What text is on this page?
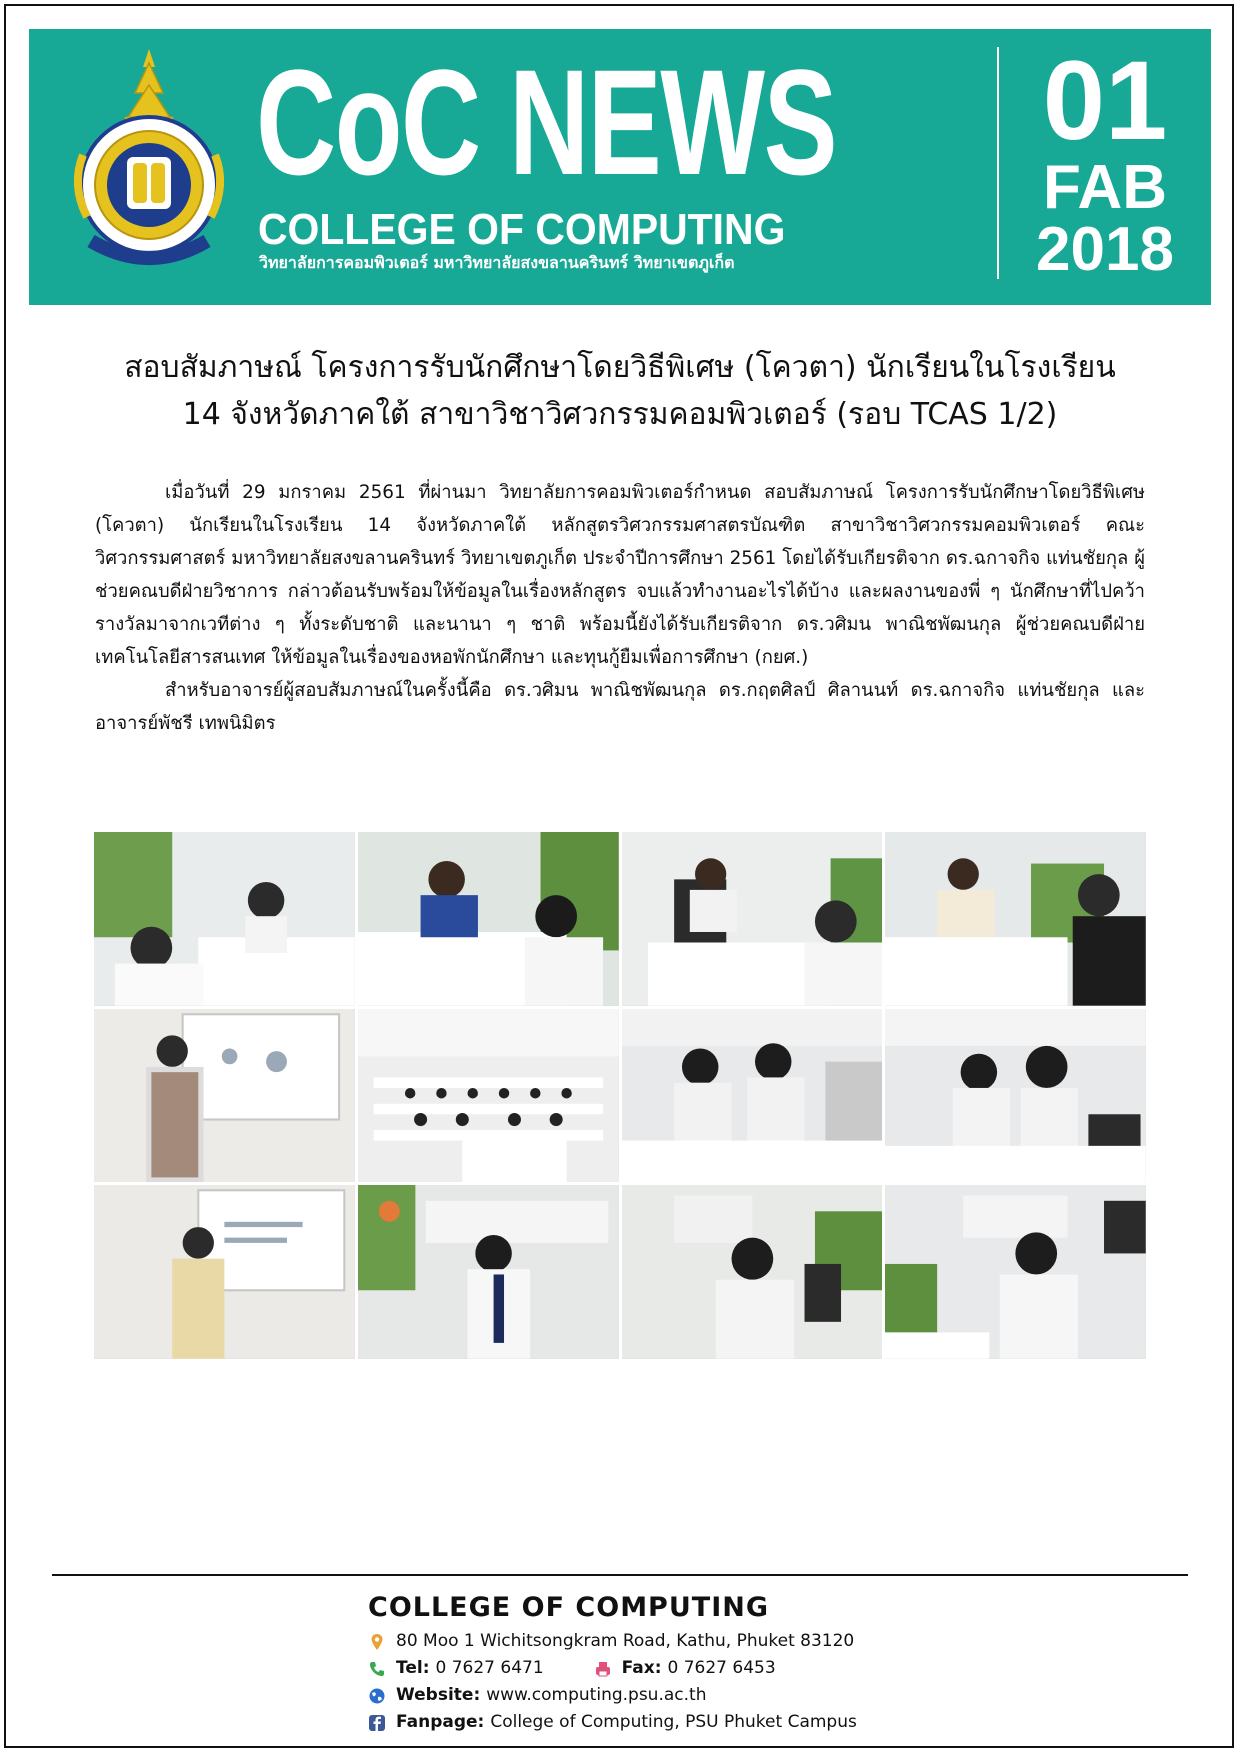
CoC NEWS
COLLEGE OF COMPUTING
วิทยาลัยการคอมพิวเตอร์ มหาวิทยาลัยสงขลานครินทร์ วิทยาเขตภูเก็ต
01
FAB
2018
สอบสัมภาษณ์ โครงการรับนักศึกษาโดยวิธีพิเศษ (โควตา) นักเรียนในโรงเรียน
14 จังหวัดภาคใต้ สาขาวิชาวิศวกรรมคอมพิวเตอร์ (รอบ TCAS 1/2)

เมื่อวันที่ 29 มกราคม 2561 ที่ผ่านมา วิทยาลัยการคอมพิวเตอร์กำหนด สอบสัมภาษณ์ โครงการรับนักศึกษาโดยวิธีพิเศษ (โควตา) นักเรียนในโรงเรียน 14 จังหวัดภาคใต้ หลักสูตรวิศวกรรมศาสตรบัณฑิต สาขาวิชาวิศวกรรมคอมพิวเตอร์ คณะวิศวกรรมศาสตร์ มหาวิทยาลัยสงขลานครินทร์ วิทยาเขตภูเก็ต ประจำปีการศึกษา 2561 โดยได้รับเกียรติจาก ดร.ฉกาจกิจ แท่นชัยกุล ผู้ช่วยคณบดีฝ่ายวิชาการ กล่าวต้อนรับพร้อมให้ข้อมูลในเรื่องหลักสูตร จบแล้วทำงานอะไรได้บ้าง และผลงานของพี่ ๆ นักศึกษาที่ไปคว้ารางวัลมาจากเวทีต่าง ๆ ทั้งระดับชาติ และนานา ๆ ชาติ พร้อมนี้ยังได้รับเกียรติจาก ดร.วศิมน พาณิชพัฒนกุล ผู้ช่วยคณบดีฝ่ายเทคโนโลยีสารสนเทศ ให้ข้อมูลในเรื่องของหอพักนักศึกษา และทุนกู้ยืมเพื่อการศึกษา (กยศ.)

สำหรับอาจารย์ผู้สอบสัมภาษณ์ในครั้งนี้คือ ดร.วศิมน พาณิชพัฒนกุล ดร.กฤตศิลป์ ศิลานนท์ ดร.ฉกาจกิจ แท่นชัยกุล และอาจารย์พัชรี เทพนิมิตร

COLLEGE OF COMPUTING
80 Moo 1 Wichitsongkram Road, Kathu, Phuket 83120
Tel: 0 7627 6471	Fax: 0 7627 6453
Website: www.computing.psu.ac.th
Fanpage: College of Computing, PSU Phuket Campus
